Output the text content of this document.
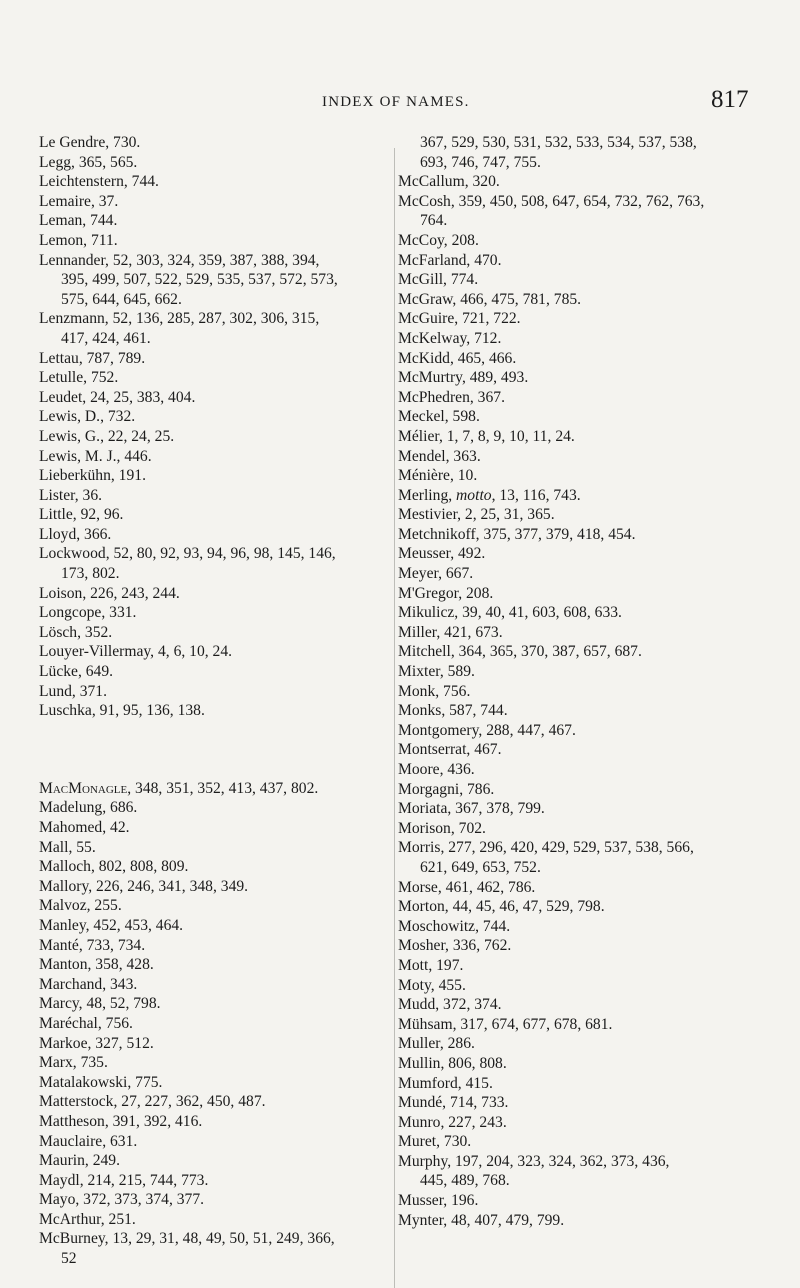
INDEX OF NAMES.	817
Le Gendre, 730.
Legg, 365, 565.
Leichtenstern, 744.
Lemaire, 37.
Leman, 744.
Lemon, 711.
Lennander, 52, 303, 324, 359, 387, 388, 394,
395, 499, 507, 522, 529, 535, 537, 572, 573,
575, 644, 645, 662.
Lenzmann, 52, 136, 285, 287, 302, 306, 315,
417, 424, 461.
Lettau, 787, 789.
Letulle, 752.
Leudet, 24, 25, 383, 404.
Lewis, D., 732.
Lewis, G., 22, 24, 25.
Lewis, M. J., 446.
Lieberkühn, 191.
Lister, 36.
Little, 92, 96.
Lloyd, 366.
Lockwood, 52, 80, 92, 93, 94, 96, 98, 145, 146,
173, 802.
Loison, 226, 243, 244.
Longcope, 331.
Lösch, 352.
Louyer-Villermay, 4, 6, 10, 24.
Lücke, 649.
Lund, 371.
Luschka, 91, 95, 136, 138.
MacMonagle, 348, 351, 352, 413, 437, 802.
Madelung, 686.
Mahomed, 42.
Mall, 55.
Malloch, 802, 808, 809.
Mallory, 226, 246, 341, 348, 349.
Malvoz, 255.
Manley, 452, 453, 464.
Manté, 733, 734.
Manton, 358, 428.
Marchand, 343.
Marcy, 48, 52, 798.
Maréchal, 756.
Markoe, 327, 512.
Marx, 735.
Matalakowski, 775.
Matterstock, 27, 227, 362, 450, 487.
Mattheson, 391, 392, 416.
Mauclaire, 631.
Maurin, 249.
Maydl, 214, 215, 744, 773.
Mayo, 372, 373, 374, 377.
McArthur, 251.
McBurney, 13, 29, 31, 48, 49, 50, 51, 249, 366,
52
367, 529, 530, 531, 532, 533, 534, 537, 538,
693, 746, 747, 755.
McCallum, 320.
McCosh, 359, 450, 508, 647, 654, 732, 762, 763,
764.
McCoy, 208.
McFarland, 470.
McGill, 774.
McGraw, 466, 475, 781, 785.
McGuire, 721, 722.
McKelway, 712.
McKidd, 465, 466.
McMurtry, 489, 493.
McPhedren, 367.
Meckel, 598.
Mélier, 1, 7, 8, 9, 10, 11, 24.
Mendel, 363.
Ménière, 10.
Merling, motto, 13, 116, 743.
Mestivier, 2, 25, 31, 365.
Metchnikoff, 375, 377, 379, 418, 454.
Meusser, 492.
Meyer, 667.
M'Gregor, 208.
Mikulicz, 39, 40, 41, 603, 608, 633.
Miller, 421, 673.
Mitchell, 364, 365, 370, 387, 657, 687.
Mixter, 589.
Monk, 756.
Monks, 587, 744.
Montgomery, 288, 447, 467.
Montserrat, 467.
Moore, 436.
Morgagni, 786.
Moriata, 367, 378, 799.
Morison, 702.
Morris, 277, 296, 420, 429, 529, 537, 538, 566,
621, 649, 653, 752.
Morse, 461, 462, 786.
Morton, 44, 45, 46, 47, 529, 798.
Moschowitz, 744.
Mosher, 336, 762.
Mott, 197.
Moty, 455.
Mudd, 372, 374.
Mühsam, 317, 674, 677, 678, 681.
Muller, 286.
Mullin, 806, 808.
Mumford, 415.
Mundé, 714, 733.
Munro, 227, 243.
Muret, 730.
Murphy, 197, 204, 323, 324, 362, 373, 436,
445, 489, 768.
Musser, 196.
Mynter, 48, 407, 479, 799.
